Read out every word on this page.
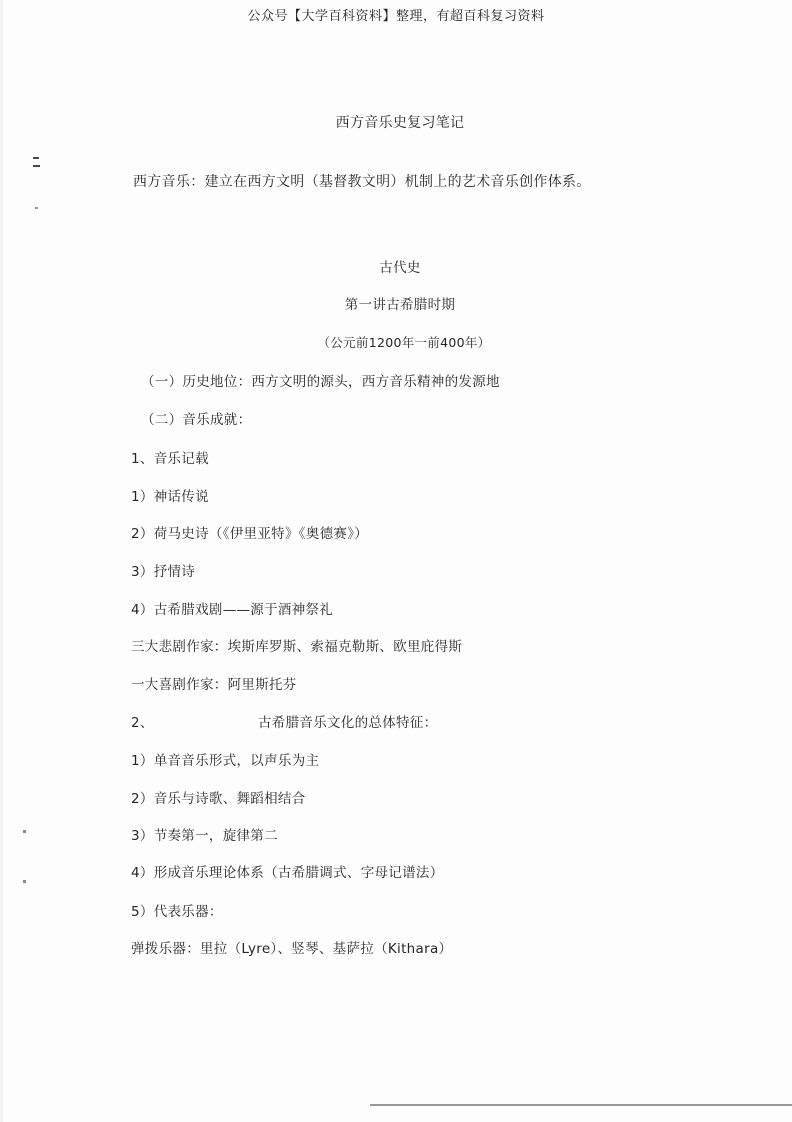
公众号【大学百科资料】整理，有超百科复习资料
西方音乐史复习笔记
西方音乐：建立在西方文明（基督教文明）机制上的艺术音乐创作体系。
古代史
第一讲古希腊时期
（公元前1200年一前400年）
（一）历史地位：西方文明的源头，西方音乐精神的发源地
（二）音乐成就：
1、音乐记载
1）神话传说
2）荷马史诗（《伊里亚特》《奥德赛》）
3）抒情诗
4）古希腊戏剧——源于酒神祭礼
三大悲剧作家：埃斯库罗斯、索福克勒斯、欧里庇得斯
一大喜剧作家：阿里斯托芬
2、	古希腊音乐文化的总体特征：
1）单音音乐形式，以声乐为主
2）音乐与诗歌、舞蹈相结合
3）节奏第一，旋律第二
4）形成音乐理论体系（古希腊调式、字母记谱法）
5）代表乐器：
弹拨乐器：里拉（Lyre）、竖琴、基萨拉（Kithara）
